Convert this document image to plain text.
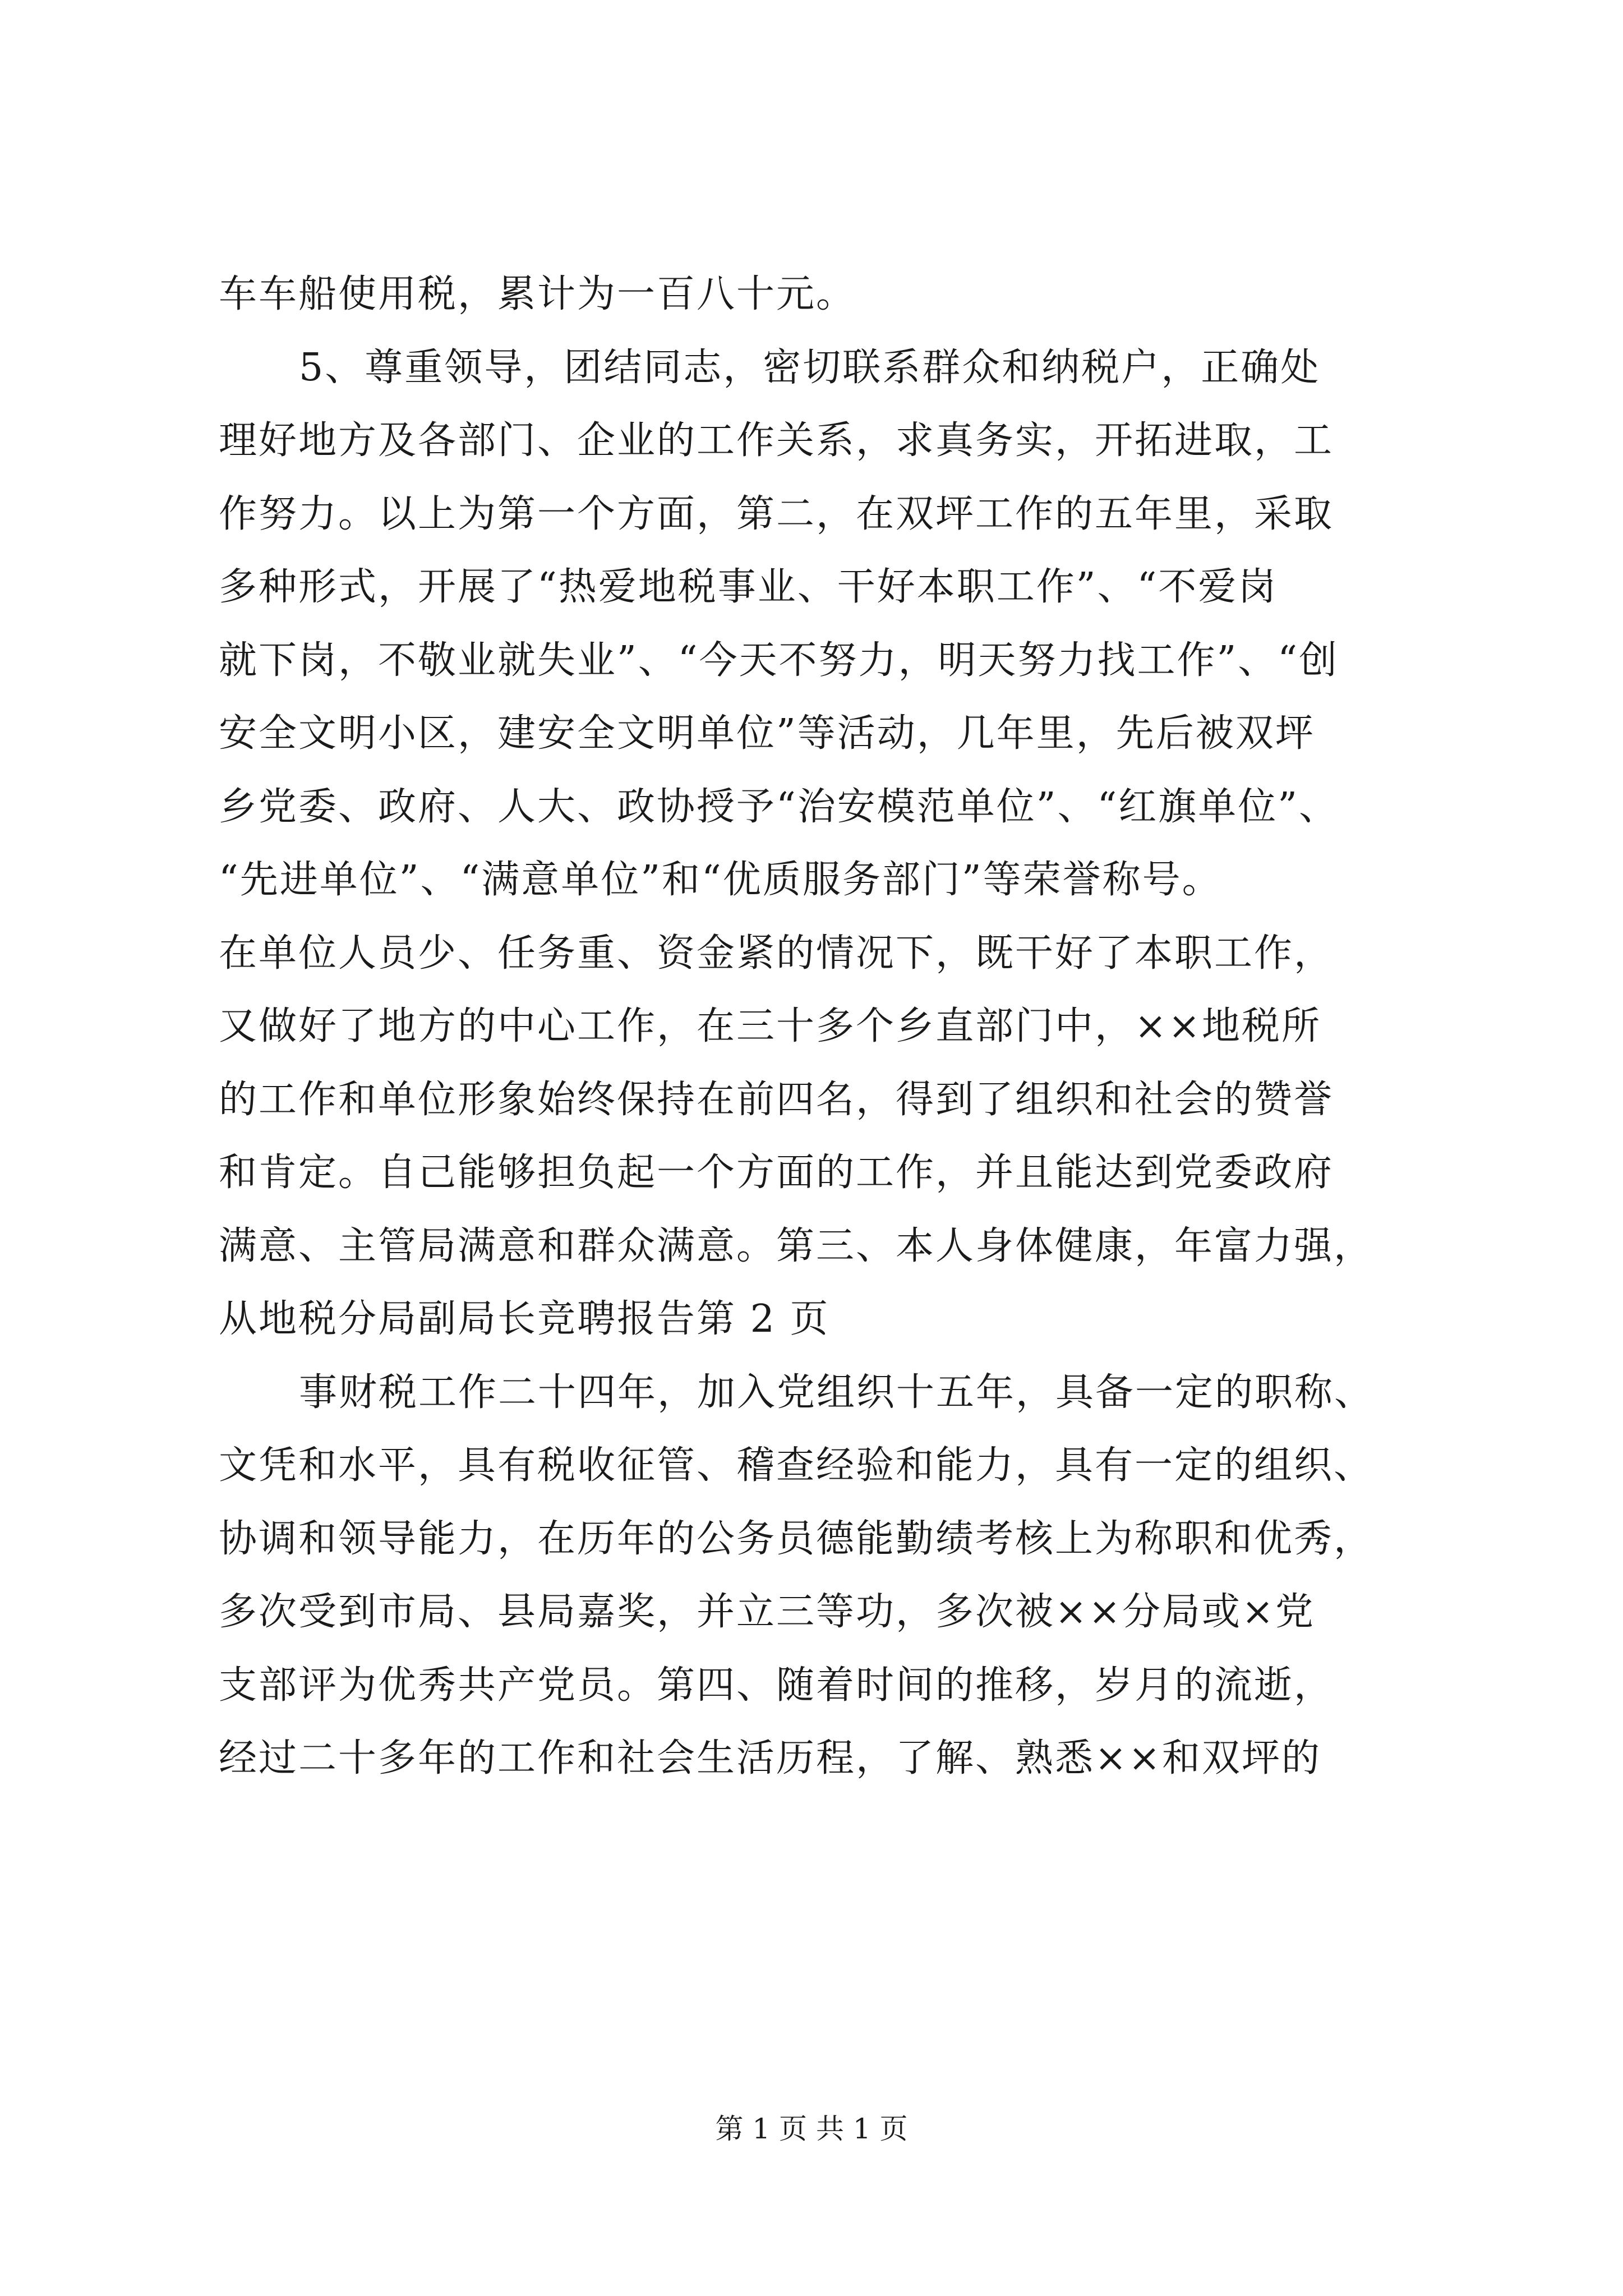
车车船使用税，累计为一百八十元。
5、尊重领导，团结同志，密切联系群众和纳税户，正确处
理好地方及各部门、企业的工作关系，求真务实，开拓进取，工
作努力。以上为第一个方面，第二，在双坪工作的五年里，采取
多种形式，开展了“热爱地税事业、干好本职工作”、“不爱岗
就下岗，不敬业就失业”、“今天不努力，明天努力找工作”、“创
安全文明小区，建安全文明单位”等活动，几年里，先后被双坪
乡党委、政府、人大、政协授予“治安模范单位”、“红旗单位”、
“先进单位”、“满意单位”和“优质服务部门”等荣誉称号。
在单位人员少、任务重、资金紧的情况下，既干好了本职工作，
又做好了地方的中心工作，在三十多个乡直部门中，××地税所
的工作和单位形象始终保持在前四名，得到了组织和社会的赞誉
和肯定。自己能够担负起一个方面的工作，并且能达到党委政府
满意、主管局满意和群众满意。第三、本人身体健康，年富力强，
从地税分局副局长竞聘报告第 2 页
事财税工作二十四年，加入党组织十五年，具备一定的职称、
文凭和水平，具有税收征管、稽查经验和能力，具有一定的组织、
协调和领导能力，在历年的公务员德能勤绩考核上为称职和优秀，
多次受到市局、县局嘉奖，并立三等功，多次被××分局或×党
支部评为优秀共产党员。第四、随着时间的推移，岁月的流逝，
经过二十多年的工作和社会生活历程，了解、熟悉××和双坪的
第 1 页 共 1 页
